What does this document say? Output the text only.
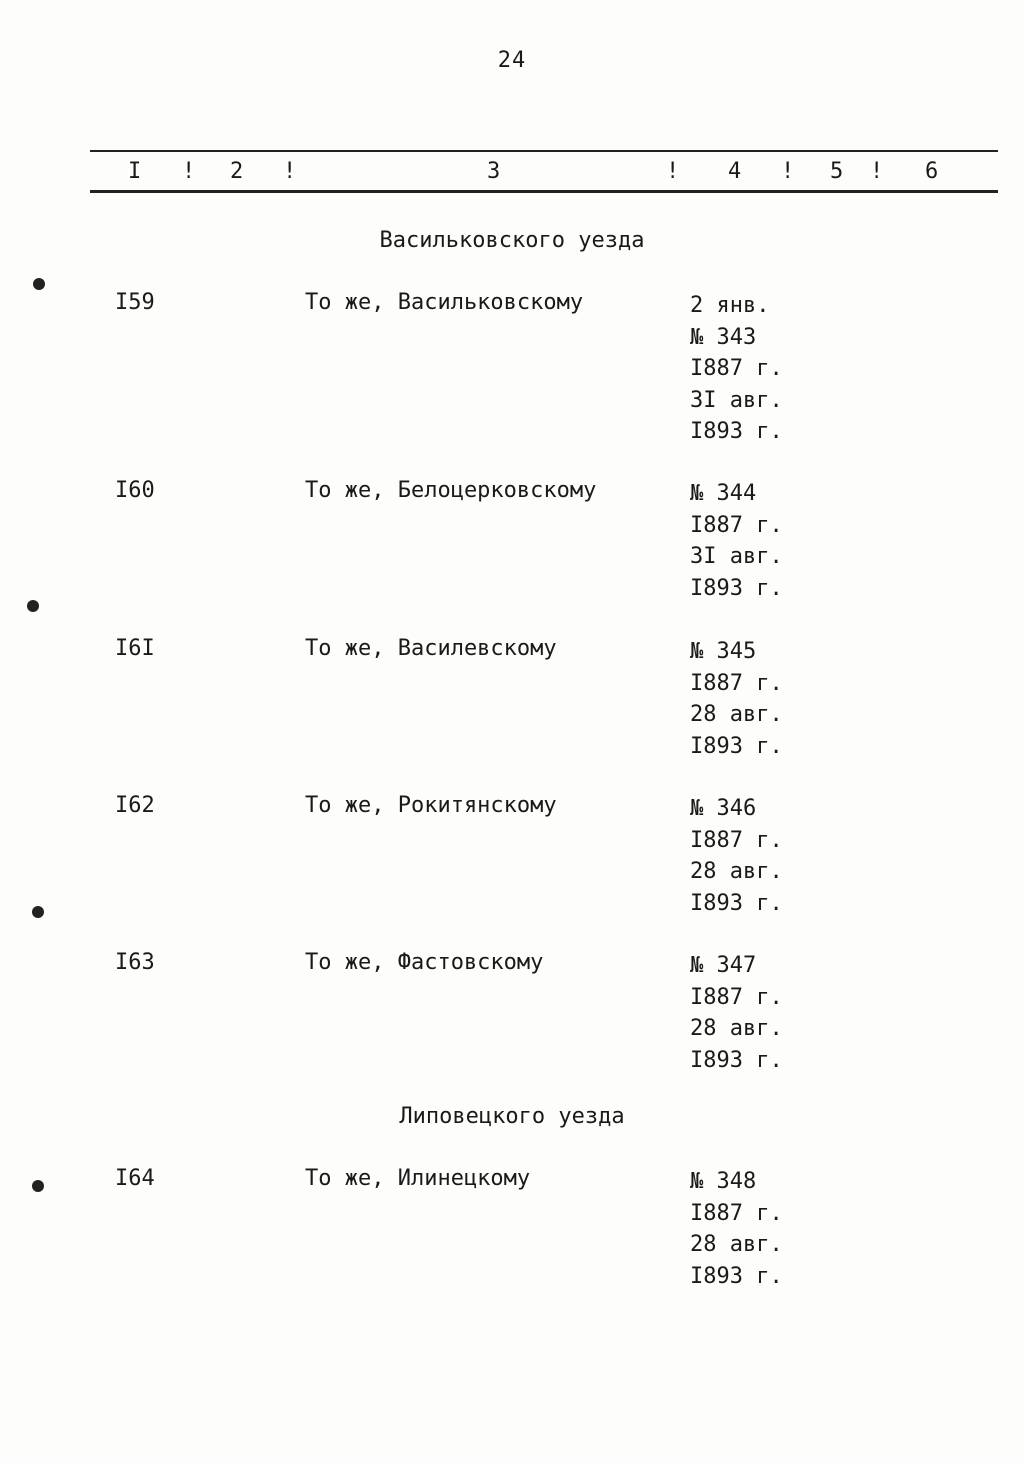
24
I ! 2 !	3	! 4 ! 5 ! 6
Васильковского уезда
I59	То же, Васильковскому	2 янв.
№ 343
I887 г.
3I авг.
I893 г.
I60	То же, Белоцерковскому	№ 344
I887 г.
3I авг.
I893 г.
I6I	То же, Василевскому	№ 345
I887 г.
28 авг.
I893 г.
I62	То же, Рокитянскому	№ 346
I887 г.
28 авг.
I893 г.
I63	То же, Фастовскому	№ 347
I887 г.
28 авг.
I893 г.
Липовецкого уезда
I64	То же, Илинецкому	№ 348
I887 г.
28 авг.
I893 г.
